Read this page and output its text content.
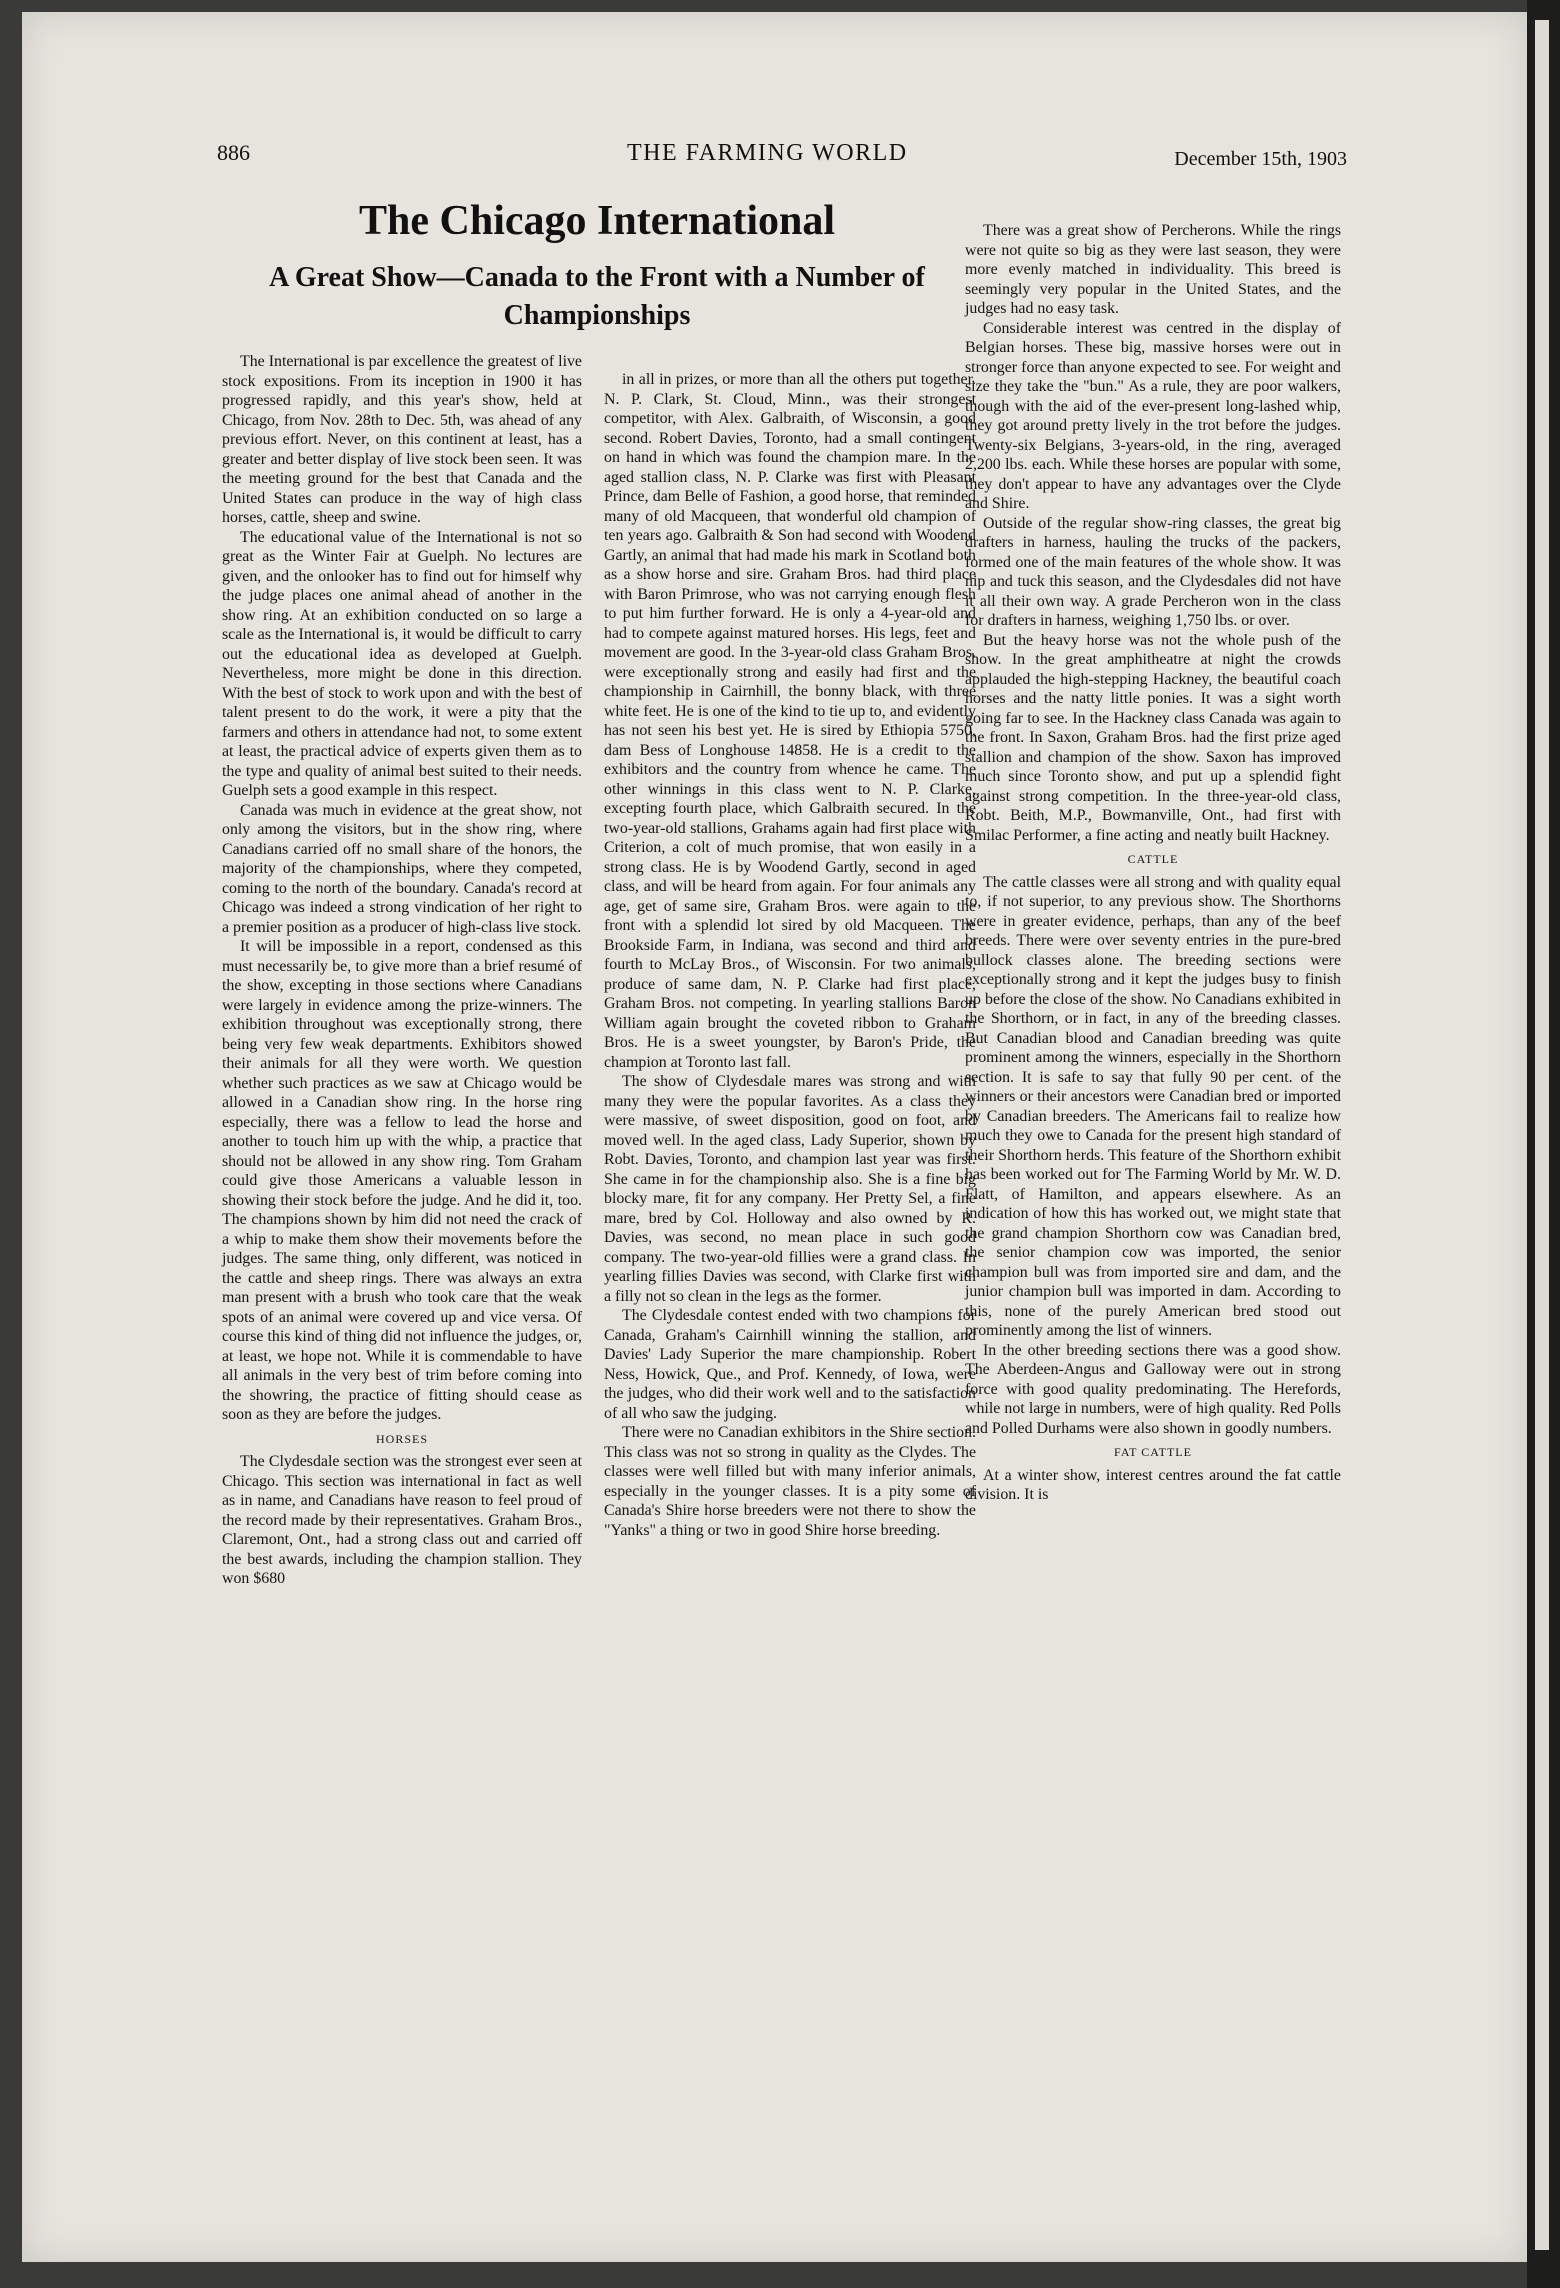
886	THE FARMING WORLD	December 15th, 1903
The Chicago International
A Great Show—Canada to the Front with a Number of Championships

The International is par excellence the greatest of live stock expositions. From its inception in 1900 it has progressed rapidly, and this year's show, held at Chicago, from Nov. 28th to Dec. 5th, was ahead of any previous effort. Never, on this continent at least, has a greater and better display of live stock been seen. It was the meeting ground for the best that Canada and the United States can produce in the way of high class horses, cattle, sheep and swine.

The educational value of the International is not so great as the Winter Fair at Guelph. No lectures are given, and the onlooker has to find out for himself why the judge places one animal ahead of another in the show ring. At an exhibition conducted on so large a scale as the International is, it would be difficult to carry out the educational idea as developed at Guelph. Nevertheless, more might be done in this direction. With the best of stock to work upon and with the best of talent present to do the work, it were a pity that the farmers and others in attendance had not, to some extent at least, the practical advice of experts given them as to the type and quality of animal best suited to their needs. Guelph sets a good example in this respect.

Canada was much in evidence at the great show, not only among the visitors, but in the show ring, where Canadians carried off no small share of the honors, the majority of the championships, where they competed, coming to the north of the boundary. Canada's record at Chicago was indeed a strong vindication of her right to a premier position as a producer of high-class live stock.

It will be impossible in a report, condensed as this must necessarily be, to give more than a brief resumé of the show, excepting in those sections where Canadians were largely in evidence among the prize-winners. The exhibition throughout was exceptionally strong, there being very few weak departments. Exhibitors showed their animals for all they were worth. We question whether such practices as we saw at Chicago would be allowed in a Canadian show ring. In the horse ring especially, there was a fellow to lead the horse and another to touch him up with the whip, a practice that should not be allowed in any show ring. Tom Graham could give those Americans a valuable lesson in showing their stock before the judge. And he did it, too. The champions shown by him did not need the crack of a whip to make them show their movements before the judges. The same thing, only different, was noticed in the cattle and sheep rings. There was always an extra man present with a brush who took care that the weak spots of an animal were covered up and vice versa. Of course this kind of thing did not influence the judges, or, at least, we hope not. While it is commendable to have all animals in the very best of trim before coming into the showring, the practice of fitting should cease as soon as they are before the judges.

HORSES

The Clydesdale section was the strongest ever seen at Chicago. This section was international in fact as well as in name, and Canadians have reason to feel proud of the record made by their representatives. Graham Bros., Claremont, Ont., had a strong class out and carried off the best awards, including the champion stallion. They won $680

in all in prizes, or more than all the others put together. N. P. Clark, St. Cloud, Minn., was their strongest competitor, with Alex. Galbraith, of Wisconsin, a good second. Robert Davies, Toronto, had a small contingent on hand in which was found the champion mare. In the aged stallion class, N. P. Clarke was first with Pleasant Prince, dam Belle of Fashion, a good horse, that reminded many of old Macqueen, that wonderful old champion of ten years ago. Galbraith & Son had second with Woodend Gartly, an animal that had made his mark in Scotland both as a show horse and sire. Graham Bros. had third place with Baron Primrose, who was not carrying enough flesh to put him further forward. He is only a 4-year-old and had to compete against matured horses. His legs, feet and movement are good. In the 3-year-old class Graham Bros. were exceptionally strong and easily had first and the championship in Cairnhill, the bonny black, with three white feet. He is one of the kind to tie up to, and evidently has not seen his best yet. He is sired by Ethiopia 5750, dam Bess of Longhouse 14858. He is a credit to the exhibitors and the country from whence he came. The other winnings in this class went to N. P. Clarke, excepting fourth place, which Galbraith secured. In the two-year-old stallions, Grahams again had first place with Criterion, a colt of much promise, that won easily in a strong class. He is by Woodend Gartly, second in aged class, and will be heard from again. For four animals any age, get of same sire, Graham Bros. were again to the front with a splendid lot sired by old Macqueen. The Brookside Farm, in Indiana, was second and third and fourth to McLay Bros., of Wisconsin. For two animals, produce of same dam, N. P. Clarke had first place, Graham Bros. not competing. In yearling stallions Baron William again brought the coveted ribbon to Graham Bros. He is a sweet youngster, by Baron's Pride, the champion at Toronto last fall.

The show of Clydesdale mares was strong and with many they were the popular favorites. As a class they were massive, of sweet disposition, good on foot, and moved well. In the aged class, Lady Superior, shown by Robt. Davies, Toronto, and champion last year was first. She came in for the championship also. She is a fine big blocky mare, fit for any company. Her Pretty Sel, a fine mare, bred by Col. Holloway and also owned by R. Davies, was second, no mean place in such good company. The two-year-old fillies were a grand class. In yearling fillies Davies was second, with Clarke first with a filly not so clean in the legs as the former.

The Clydesdale contest ended with two champions for Canada, Graham's Cairnhill winning the stallion, and Davies' Lady Superior the mare championship. Robert Ness, Howick, Que., and Prof. Kennedy, of Iowa, were the judges, who did their work well and to the satisfaction of all who saw the judging.

There were no Canadian exhibitors in the Shire section. This class was not so strong in quality as the Clydes. The classes were well filled but with many inferior animals, especially in the younger classes. It is a pity some of Canada's Shire horse breeders were not there to show the "Yanks" a thing or two in good Shire horse breeding.

There was a great show of Percherons. While the rings were not quite so big as they were last season, they were more evenly matched in individuality. This breed is seemingly very popular in the United States, and the judges had no easy task.

Considerable interest was centred in the display of Belgian horses. These big, massive horses were out in stronger force than anyone expected to see. For weight and size they take the "bun." As a rule, they are poor walkers, though with the aid of the ever-present long-lashed whip, they got around pretty lively in the trot before the judges. Twenty-six Belgians, 3-years-old, in the ring, averaged 2,200 lbs. each. While these horses are popular with some, they don't appear to have any advantages over the Clyde and Shire.

Outside of the regular show-ring classes, the great big drafters in harness, hauling the trucks of the packers, formed one of the main features of the whole show. It was nip and tuck this season, and the Clydesdales did not have it all their own way. A grade Percheron won in the class for drafters in harness, weighing 1,750 lbs. or over.

But the heavy horse was not the whole push of the show. In the great amphitheatre at night the crowds applauded the high-stepping Hackney, the beautiful coach horses and the natty little ponies. It was a sight worth going far to see. In the Hackney class Canada was again to the front. In Saxon, Graham Bros. had the first prize aged stallion and champion of the show. Saxon has improved much since Toronto show, and put up a splendid fight against strong competition. In the three-year-old class, Robt. Beith, M.P., Bowmanville, Ont., had first with Smilac Performer, a fine acting and neatly built Hackney.

CATTLE

The cattle classes were all strong and with quality equal to, if not superior, to any previous show. The Shorthorns were in greater evidence, perhaps, than any of the beef breeds. There were over seventy entries in the pure-bred bullock classes alone. The breeding sections were exceptionally strong and it kept the judges busy to finish up before the close of the show. No Canadians exhibited in the Shorthorn, or in fact, in any of the breeding classes. But Canadian blood and Canadian breeding was quite prominent among the winners, especially in the Shorthorn section. It is safe to say that fully 90 per cent. of the winners or their ancestors were Canadian bred or imported by Canadian breeders. The Americans fail to realize how much they owe to Canada for the present high standard of their Shorthorn herds. This feature of the Shorthorn exhibit has been worked out for The Farming World by Mr. W. D. Flatt, of Hamilton, and appears elsewhere. As an indication of how this has worked out, we might state that the grand champion Shorthorn cow was Canadian bred, the senior champion cow was imported, the senior champion bull was from imported sire and dam, and the junior champion bull was imported in dam. According to this, none of the purely American bred stood out prominently among the list of winners.

In the other breeding sections there was a good show. The Aberdeen-Angus and Galloway were out in strong force with good quality predominating. The Herefords, while not large in numbers, were of high quality. Red Polls and Polled Durhams were also shown in goodly numbers.

FAT CATTLE

At a winter show, interest centres around the fat cattle division. It is
